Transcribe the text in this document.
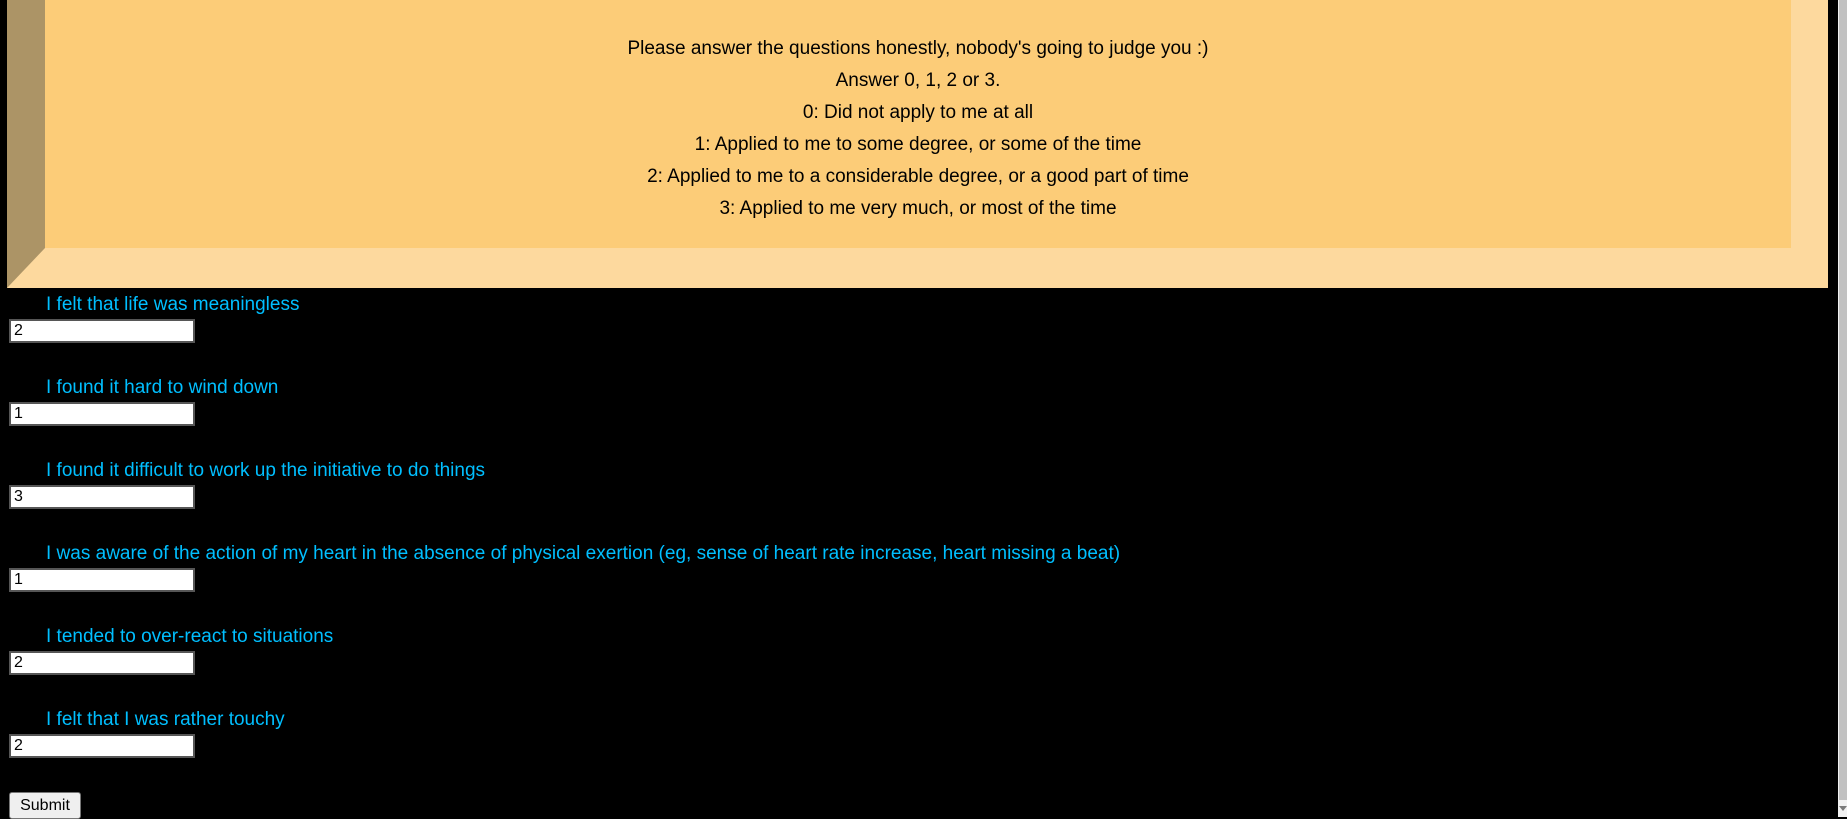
Please answer the questions honestly, nobody's going to judge you :)
Answer 0, 1, 2 or 3.
0: Did not apply to me at all
1: Applied to me to some degree, or some of the time
2: Applied to me to a considerable degree, or a good part of time
3: Applied to me very much, or most of the time
I felt that life was meaningless
2
I found it hard to wind down
1
I found it difficult to work up the initiative to do things
3
I was aware of the action of my heart in the absence of physical exertion (eg, sense of heart rate increase, heart missing a beat)
1
I tended to over-react to situations
2
I felt that I was rather touchy
2
Submit
